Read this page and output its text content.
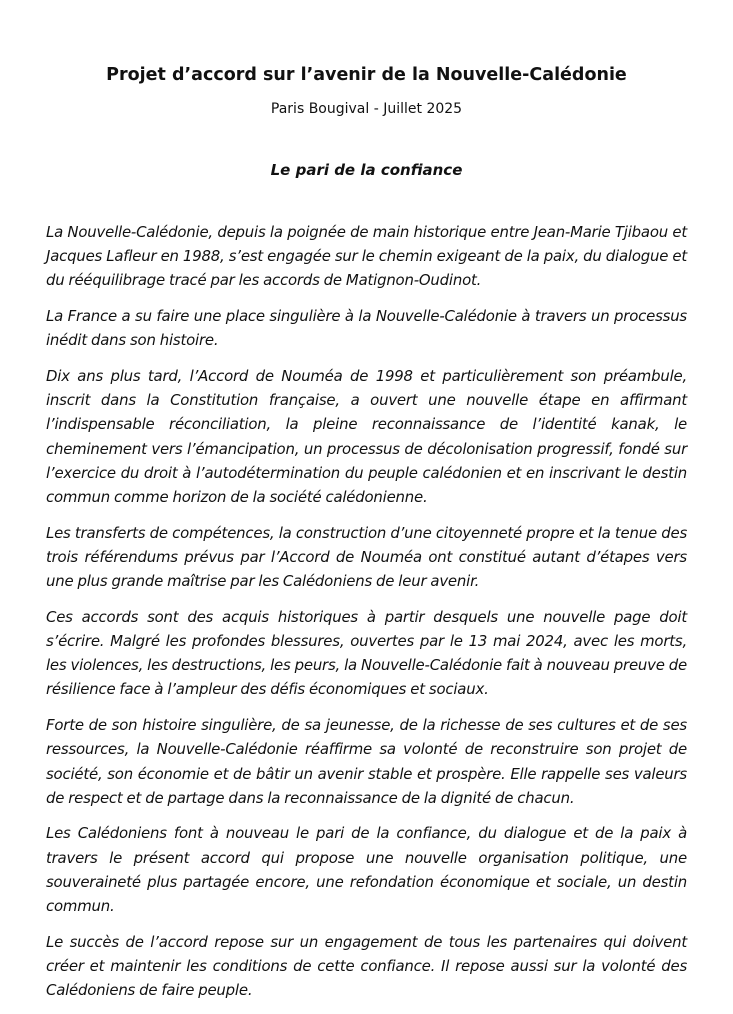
Projet d’accord sur l’avenir de la Nouvelle-Calédonie
Paris Bougival - Juillet 2025
Le pari de la confiance

La Nouvelle-Calédonie, depuis la poignée de main historique entre Jean-Marie Tjibaou et Jacques Lafleur en 1988, s’est engagée sur le chemin exigeant de la paix, du dialogue et du rééquilibrage tracé par les accords de Matignon-Oudinot.

La France a su faire une place singulière à la Nouvelle-Calédonie à travers un processus inédit dans son histoire.

Dix ans plus tard, l’Accord de Nouméa de 1998 et particulièrement son préambule, inscrit dans la Constitution française, a ouvert une nouvelle étape en affirmant l’indispensable réconciliation, la pleine reconnaissance de l’identité kanak, le cheminement vers l’émancipation, un processus de décolonisation progressif, fondé sur l’exercice du droit à l’autodétermination du peuple calédonien et en inscrivant le destin commun comme horizon de la société calédonienne.

Les transferts de compétences, la construction d’une citoyenneté propre et la tenue des trois référendums prévus par l’Accord de Nouméa ont constitué autant d’étapes vers une plus grande maîtrise par les Calédoniens de leur avenir.

Ces accords sont des acquis historiques à partir desquels une nouvelle page doit s’écrire. Malgré les profondes blessures, ouvertes par le 13 mai 2024, avec les morts, les violences, les destructions, les peurs, la Nouvelle-Calédonie fait à nouveau preuve de résilience face à l’ampleur des défis économiques et sociaux.

Forte de son histoire singulière, de sa jeunesse, de la richesse de ses cultures et de ses ressources, la Nouvelle-Calédonie réaffirme sa volonté de reconstruire son projet de société, son économie et de bâtir un avenir stable et prospère. Elle rappelle ses valeurs de respect et de partage dans la reconnaissance de la dignité de chacun.

Les Calédoniens font à nouveau le pari de la confiance, du dialogue et de la paix à travers le présent accord qui propose une nouvelle organisation politique, une souveraineté plus partagée encore, une refondation économique et sociale, un destin commun.

Le succès de l’accord repose sur un engagement de tous les partenaires qui doivent créer et maintenir les conditions de cette confiance. Il repose aussi sur la volonté des Calédoniens de faire peuple.
